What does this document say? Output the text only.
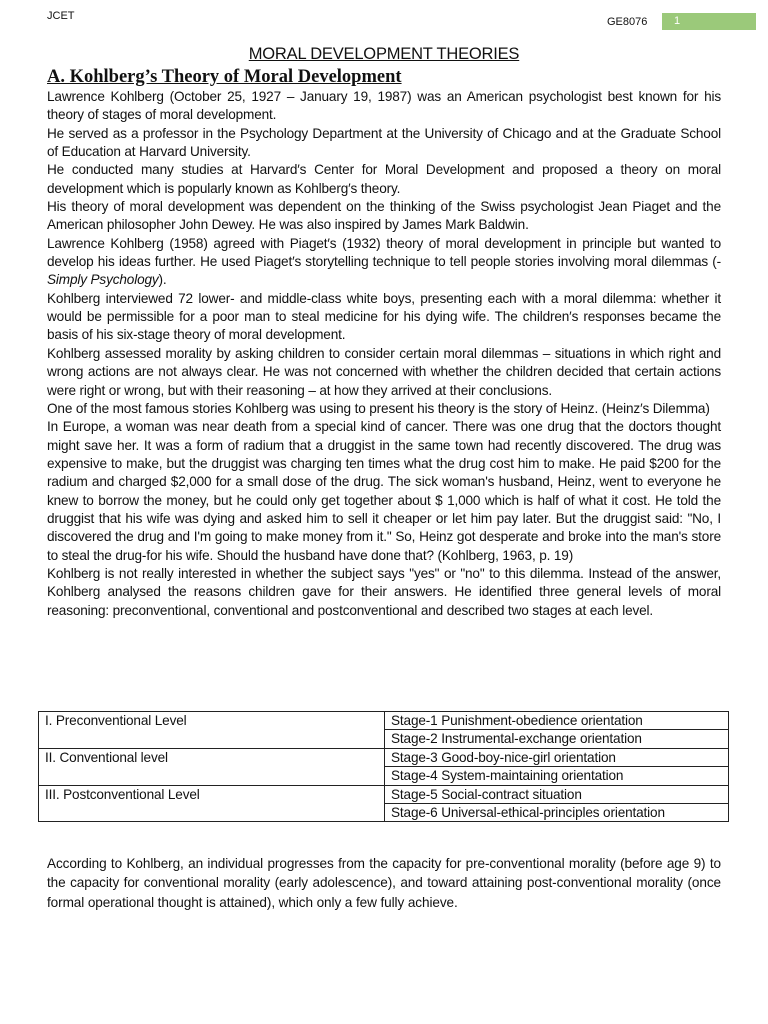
JCET	GE8076	1
MORAL DEVELOPMENT THEORIES
A. Kohlberg’s Theory of Moral Development

Lawrence Kohlberg (October 25, 1927 – January 19, 1987) was an American psychologist best known for his theory of stages of moral development.

He served as a professor in the Psychology Department at the University of Chicago and at the Graduate School of Education at Harvard University.

He conducted many studies at Harvard′s Center for Moral Development and proposed a theory on moral development which is popularly known as Kohlberg′s theory.

His theory of moral development was dependent on the thinking of the Swiss psychologist Jean Piaget and the American philosopher John Dewey. He was also inspired by James Mark Baldwin.

Lawrence Kohlberg (1958) agreed with Piaget′s (1932) theory of moral development in principle but wanted to develop his ideas further. He used Piaget′s storytelling technique to tell people stories involving moral dilemmas (-Simply Psychology).

Kohlberg interviewed 72 lower- and middle-class white boys, presenting each with a moral dilemma: whether it would be permissible for a poor man to steal medicine for his dying wife. The children′s responses became the basis of his six-stage theory of moral development.

Kohlberg assessed morality by asking children to consider certain moral dilemmas – situations in which right and wrong actions are not always clear. He was not concerned with whether the children decided that certain actions were right or wrong, but with their reasoning – at how they arrived at their conclusions.

One of the most famous stories Kohlberg was using to present his theory is the story of Heinz. (Heinz′s Dilemma)

In Europe, a woman was near death from a special kind of cancer. There was one drug that the doctors thought might save her. It was a form of radium that a druggist in the same town had recently discovered. The drug was expensive to make, but the druggist was charging ten times what the drug cost him to make. He paid $200 for the radium and charged $2,000 for a small dose of the drug. The sick woman's husband, Heinz, went to everyone he knew to borrow the money, but he could only get together about $ 1,000 which is half of what it cost. He told the druggist that his wife was dying and asked him to sell it cheaper or let him pay later. But the druggist said: "No, I discovered the drug and I'm going to make money from it." So, Heinz got desperate and broke into the man's store to steal the drug-for his wife. Should the husband have done that? (Kohlberg, 1963, p. 19)

Kohlberg is not really interested in whether the subject says "yes" or "no" to this dilemma. Instead of the answer, Kohlberg analysed the reasons children gave for their answers. He identified three general levels of moral reasoning: preconventional, conventional and postconventional and described two stages at each level.

I. Preconventional Level	Stage-1 Punishment-obedience orientation
	Stage-2 Instrumental-exchange orientation
II. Conventional level	Stage-3 Good-boy-nice-girl orientation
	Stage-4 System-maintaining orientation
III. Postconventional Level	Stage-5 Social-contract situation
	Stage-6 Universal-ethical-principles orientation

According to Kohlberg, an individual progresses from the capacity for pre-conventional morality (before age 9) to the capacity for conventional morality (early adolescence), and toward attaining post-conventional morality (once formal operational thought is attained), which only a few fully achieve.
